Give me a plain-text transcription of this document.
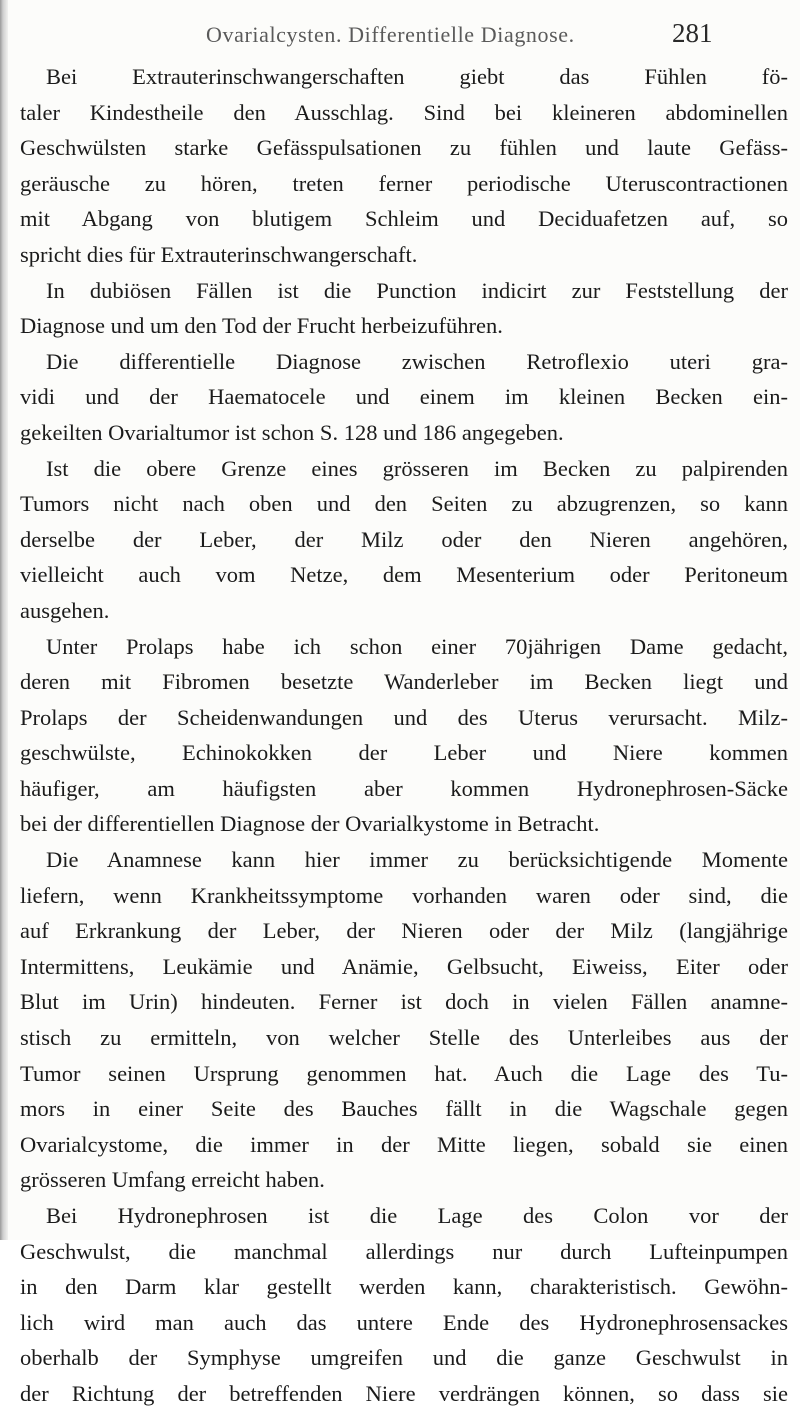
Ovarialcysten. Differentielle Diagnose.	281
Bei Extrauterinschwangerschaften giebt das Fühlen fö-
taler Kindestheile den Ausschlag. Sind bei kleineren abdominellen
Geschwülsten starke Gefässpulsationen zu fühlen und laute Gefäss-
geräusche zu hören, treten ferner periodische Uteruscontractionen
mit Abgang von blutigem Schleim und Deciduafetzen auf, so
spricht dies für Extrauterinschwangerschaft.
In dubiösen Fällen ist die Punction indicirt zur Feststellung der
Diagnose und um den Tod der Frucht herbeizuführen.
Die differentielle Diagnose zwischen Retroflexio uteri gra-
vidi und der Haematocele und einem im kleinen Becken ein-
gekeilten Ovarialtumor ist schon S. 128 und 186 angegeben.
Ist die obere Grenze eines grösseren im Becken zu palpirenden
Tumors nicht nach oben und den Seiten zu abzugrenzen, so kann
derselbe der Leber, der Milz oder den Nieren angehören,
vielleicht auch vom Netze, dem Mesenterium oder Peritoneum
ausgehen.
Unter Prolaps habe ich schon einer 70jährigen Dame gedacht,
deren mit Fibromen besetzte Wanderleber im Becken liegt und
Prolaps der Scheidenwandungen und des Uterus verursacht. Milz-
geschwülste, Echinokokken der Leber und Niere kommen
häufiger, am häufigsten aber kommen Hydronephrosen-Säcke
bei der differentiellen Diagnose der Ovarialkystome in Betracht.
Die Anamnese kann hier immer zu berücksichtigende Momente
liefern, wenn Krankheitssymptome vorhanden waren oder sind, die
auf Erkrankung der Leber, der Nieren oder der Milz (langjährige
Intermittens, Leukämie und Anämie, Gelbsucht, Eiweiss, Eiter oder
Blut im Urin) hindeuten. Ferner ist doch in vielen Fällen anamne-
stisch zu ermitteln, von welcher Stelle des Unterleibes aus der
Tumor seinen Ursprung genommen hat. Auch die Lage des Tu-
mors in einer Seite des Bauches fällt in die Wagschale gegen
Ovarialcystome, die immer in der Mitte liegen, sobald sie einen
grösseren Umfang erreicht haben.
Bei Hydronephrosen ist die Lage des Colon vor der
Geschwulst, die manchmal allerdings nur durch Lufteinpumpen
in den Darm klar gestellt werden kann, charakteristisch. Gewöhn-
lich wird man auch das untere Ende des Hydronephrosensackes
oberhalb der Symphyse umgreifen und die ganze Geschwulst in
der Richtung der betreffenden Niere verdrängen können, so dass sie
